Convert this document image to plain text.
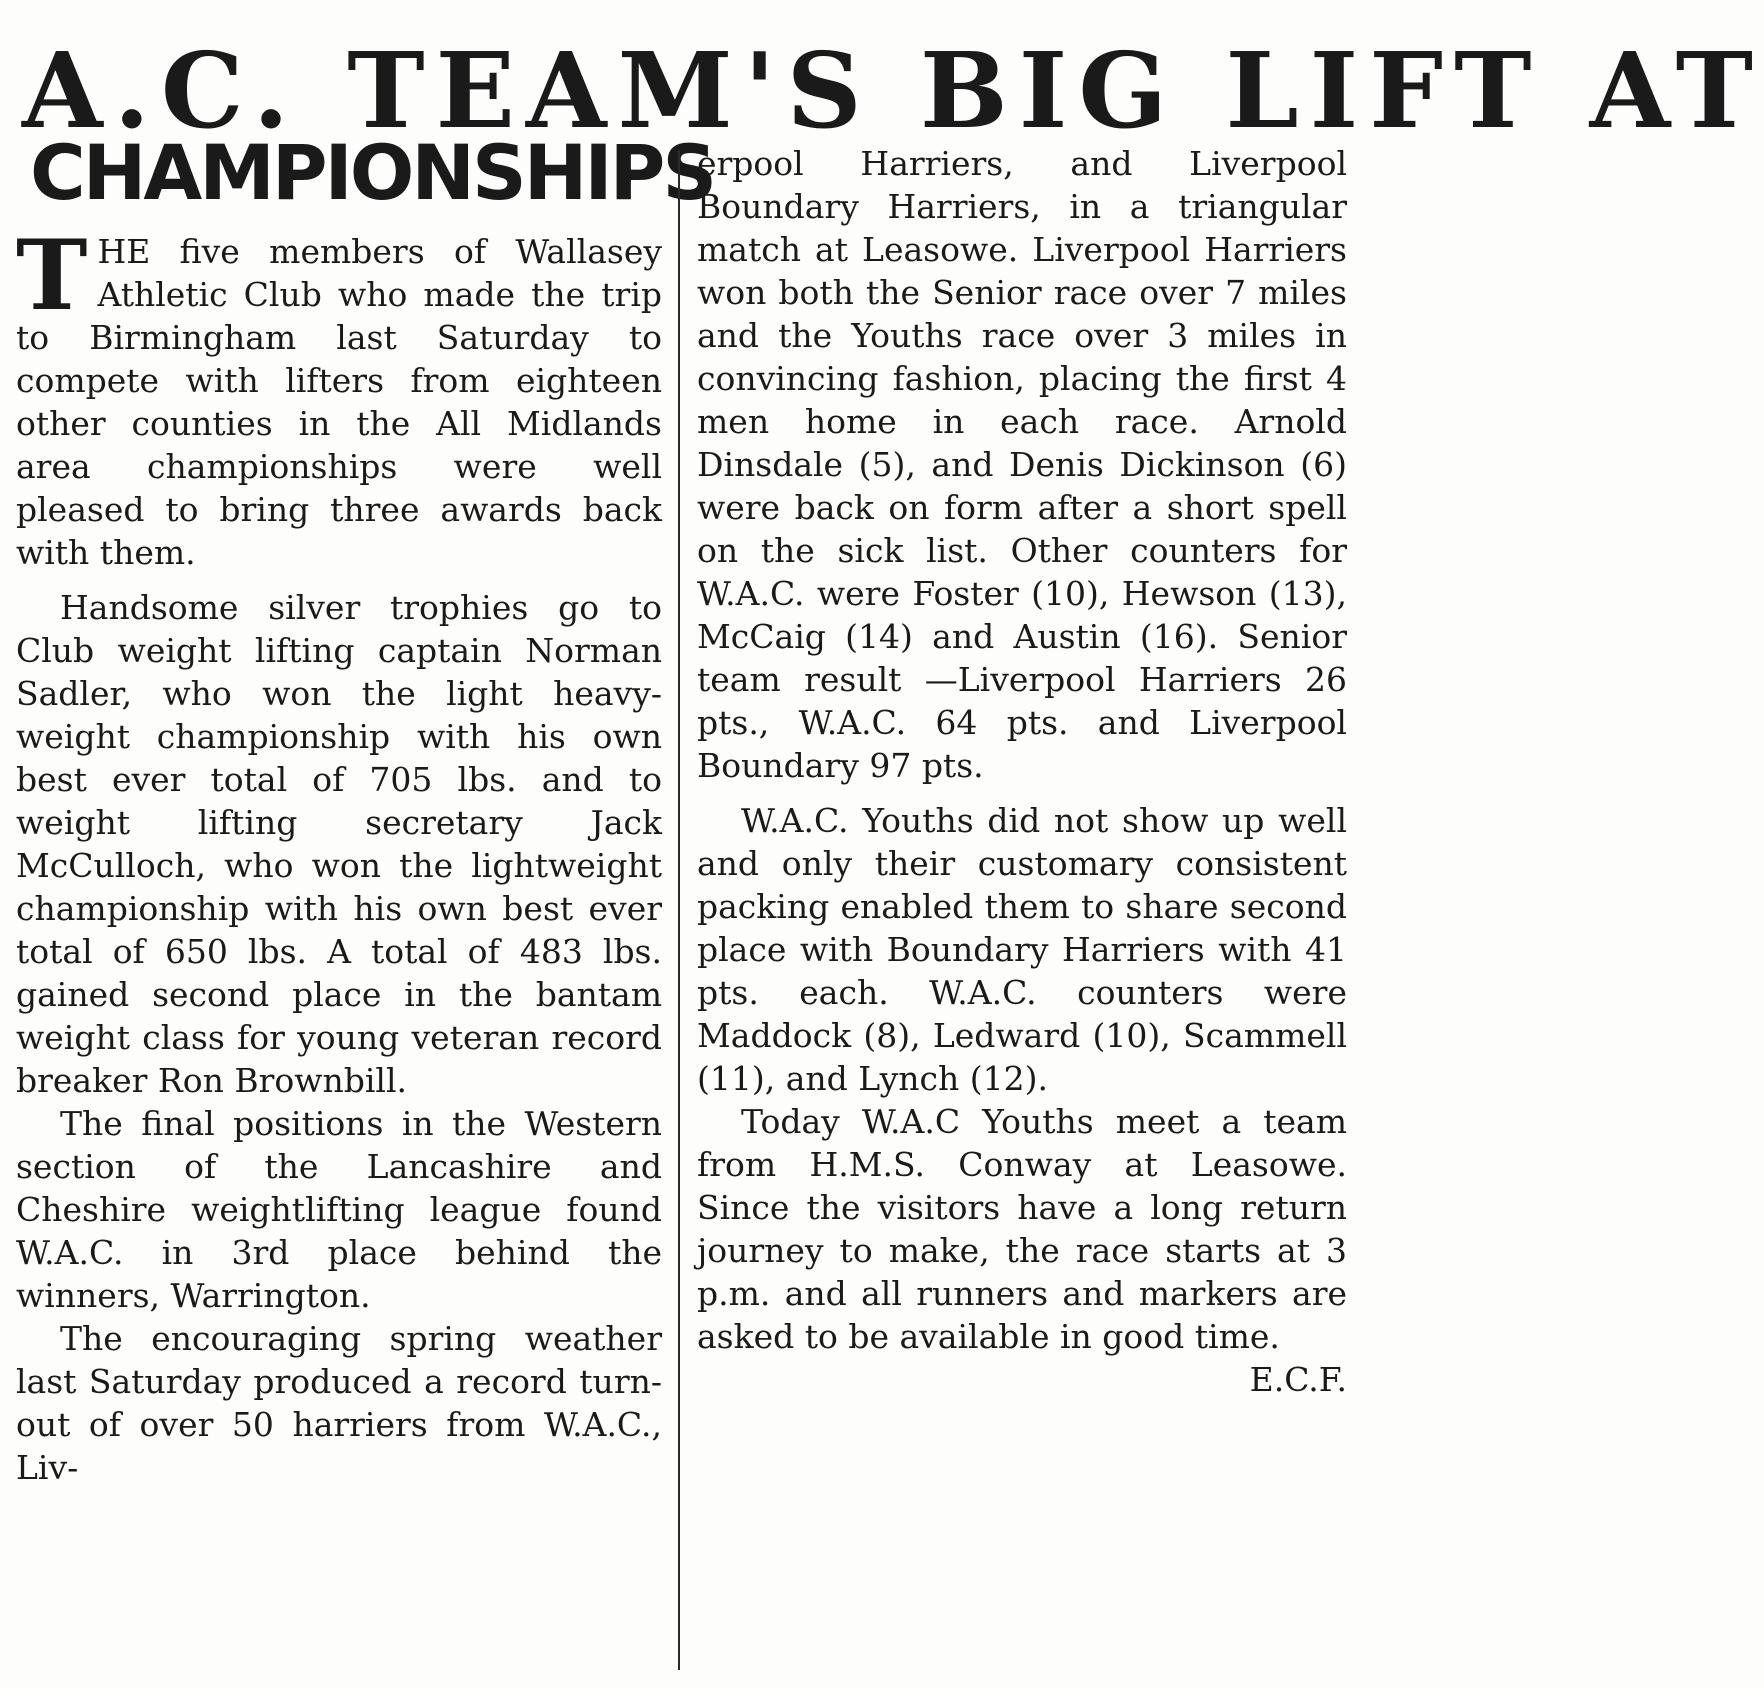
A.C. TEAM'S BIG LIFT AT
CHAMPIONSHIPS

THE five members of Wallasey Athletic Club who made the trip to Birmingham last Saturday to compete with lifters from eighteen other counties in the All Midlands area championships were well pleased to bring three awards back with them.

Handsome silver trophies go to Club weight lifting captain Norman Sadler, who won the light heavy-weight championship with his own best ever total of 705 lbs. and to weight lifting secretary Jack McCulloch, who won the lightweight championship with his own best ever total of 650 lbs. A total of 483 lbs. gained second place in the bantam weight class for young veteran record breaker Ron Brownbill.

The final positions in the Western section of the Lancashire and Cheshire weightlifting league found W.A.C. in 3rd place behind the winners, Warrington.

The encouraging spring weather last Saturday produced a record turn-out of over 50 harriers from W.A.C., Liv-

erpool Harriers, and Liverpool Boundary Harriers, in a triangular match at Leasowe. Liverpool Harriers won both the Senior race over 7 miles and the Youths race over 3 miles in convincing fashion, placing the first 4 men home in each race. Arnold Dinsdale (5), and Denis Dickinson (6) were back on form after a short spell on the sick list. Other counters for W.A.C. were Foster (10), Hewson (13), McCaig (14) and Austin (16). Senior team result —Liverpool Harriers 26 pts., W.A.C. 64 pts. and Liverpool Boundary 97 pts.

W.A.C. Youths did not show up well and only their customary consistent packing enabled them to share second place with Boundary Harriers with 41 pts. each. W.A.C. counters were Maddock (8), Ledward (10), Scammell (11), and Lynch (12).

Today W.A.C Youths meet a team from H.M.S. Conway at Leasowe. Since the visitors have a long return journey to make, the race starts at 3 p.m. and all runners and markers are asked to be available in good time.

E.C.F.
